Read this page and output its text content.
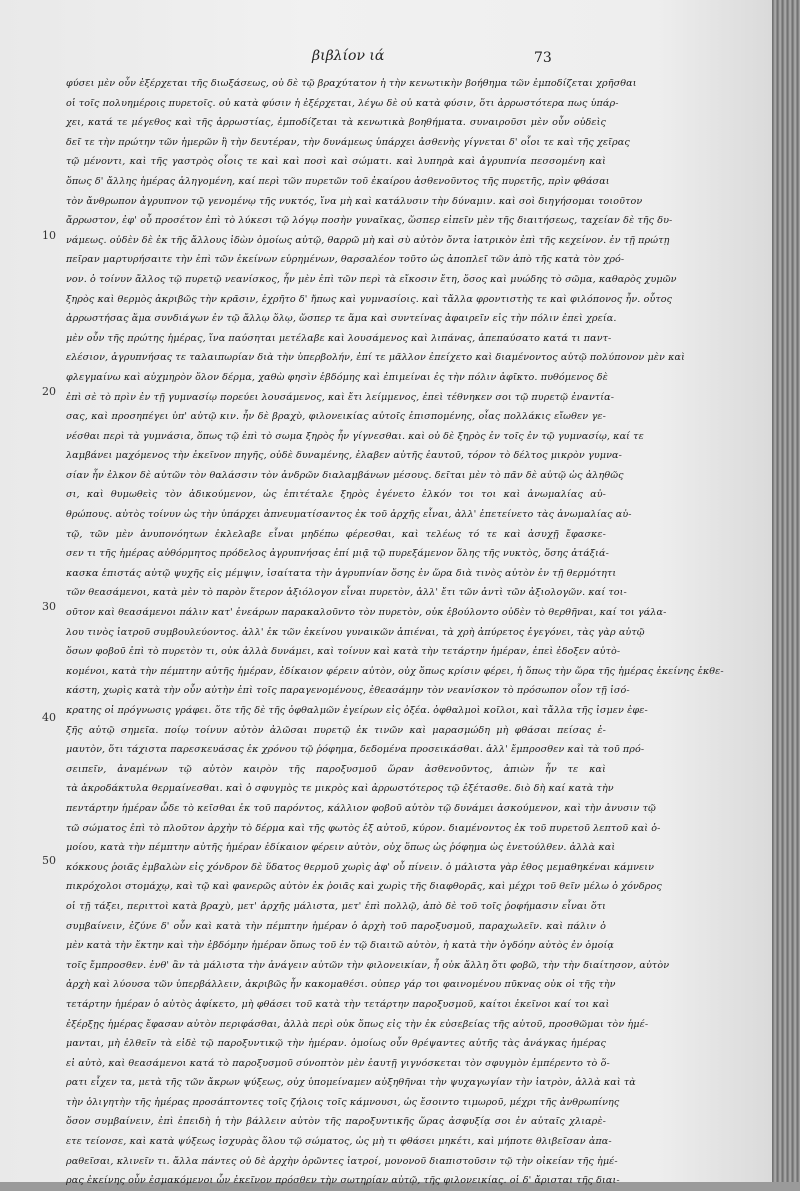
βιβλίον ιά	73
10
20
30
40
50
φύσει μὲν οὖν ἐξέρχεται τῆς διωξάσεως, οὐ δὲ τῷ βραχύτατον ἡ τὴν κενωτικὴν βοήθημα τῶν ἐμποδίζεται χρῆσθαι
οἱ τοῖς πολυημέροις πυρετοῖς. οὐ κατὰ φύσιν ἡ ἐξέρχεται, λέγω δὲ οὐ κατὰ φύσιν, ὅτι ἀρρωστότερα πως ὑπάρ-
χει, κατά τε μέγεθος καὶ τῆς ἀρρωστίας, ἐμποδίζεται τὰ κενωτικὰ βοηθήματα. συναιροῦσι μὲν οὖν οὐδεὶς
δεῖ τε τὴν πρώτην τῶν ἡμερῶν ἢ τὴν δευτέραν, τὴν δυνάμεως ὑπάρχει ἀσθενὴς γίγνεται δ' οἷοι τε καὶ τῆς χεῖρας
τῷ μένοντι, καὶ τῆς γαστρὸς οἷοις τε καὶ καὶ ποσὶ καὶ σώματι. καὶ λυπηρὰ καὶ ἀγρυπνία πεσσομένη καὶ
ὅπως δ' ἄλλης ἡμέρας ἀληγομένη, καί περὶ τῶν πυρετῶν τοῦ ἐκαίρου ἀσθενοῦντος τῆς πυρετῆς, πρὶν φθάσαι
τὸν ἄνθρωπον ἀγρυπνον τῷ γενομένῳ τῆς νυκτός, ἵνα μὴ καὶ κατάλυσιν τὴν δύναμιν. καὶ σοὶ διηγήσομαι τοιοῦτον
ἄρρωστον, ἐφ' οὗ προσέτον ἐπὶ τὸ λύκεσι τῷ λόγῳ ποσὴν γυναῖκας, ὥσπερ εἰπεῖν μὲν τῆς διαιτήσεως, ταχείαν δὲ τῆς δυ-
νάμεως. οὐδὲν δὲ ἐκ τῆς ἄλλους ἰδὼν ὁμοίως αὐτῷ, θαρρῶ μὴ καὶ σὺ αὐτὸν ὄντα ἰατρικὸν ἐπὶ τῆς κεχείνον. ἐν τῇ πρώτῃ
πεῖραν μαρτυρήσαιτε τὴν ἐπὶ τῶν ἐκείνων εὑρημένων, θαρσαλέον τοῦτο ὡς ἀποπλεῖ τῶν ἀπὸ τῆς κατὰ τὸν χρό-
νον. ὁ τοίνυν ἄλλος τῷ πυρετῷ νεανίσκος, ἦν μὲν ἐπὶ τῶν περὶ τὰ εἴκοσιν ἔτη, ὅσος καὶ μυώδης τὸ σῶμα, καθαρὸς χυμῶν
ξηρὸς καὶ θερμὸς ἀκριβῶς τὴν κρᾶσιν, ἐχρῆτο δ' ἤπως καὶ γυμνασίοις. καὶ τἄλλα φροντιστὴς τε καὶ φιλόπονος ἦν. οὗτος
ἀρρωστήσας ἅμα συνδιάγων ἐν τῷ ἄλλῳ ὅλῳ, ὥσπερ τε ἅμα καὶ συντείνας ἀφαιρεῖν εἰς τὴν πόλιν ἐπεὶ χρεία.
μὲν οὖν τῆς πρώτης ἡμέρας, ἵνα παύσηται μετέλαβε καὶ λουσάμενος καὶ λιπάνας, ἀπεπαύσατο κατά τι παντ-
ελέσιον, ἀγρυπνήσας τε ταλαιπωρίαν διὰ τὴν ὑπερβολήν, ἐπί τε μᾶλλον ἐπείχετο καὶ διαμένοντος αὐτῷ πολύπονον μὲν καὶ
φλεγμαίνω καὶ αὐχμηρὸν ὅλον δέρμα, χαθὼ φησὶν ἑβδόμης καὶ ἐπιμείναι ἐς τὴν πόλιν ἀφῖκτο. πυθόμενος δὲ
ἐπὶ σὲ τὸ πρὶν ἐν τῇ γυμνασίῳ πορεύει λουσάμενος, καὶ ἔτι λείμμενος, ἐπεὶ τέθνηκεν σοι τῷ πυρετῷ ἐναντία-
σας, καὶ προσηπέγει ὑπ' αὐτῷ κιν. ἦν δὲ βραχὺ, φιλονεικίας αὐτοῖς ἐπισπομένης, οἷας πολλάκις εἴωθεν γε-
νέσθαι περὶ τὰ γυμνάσια, ὅπως τῷ ἐπὶ τὸ σωμα ξηρὸς ἦν γίγνεσθαι. καὶ οὐ δὲ ξηρὸς ἐν τοῖς ἐν τῷ γυμνασίῳ, καί τε
λαμβάνει μαχόμενος τὴν ἐκεῖνον πηγῆς, οὐδὲ δυναμένης, ἐλαβεν αὐτῆς ἐαυτοῦ, τόρον τὸ δέλτος μικρὸν γυμνα-
σίαν ἦν ἐλκον δὲ αὐτῶν τὸν θαλάσσιν τὸν ἀνδρῶν διαλαμβάνων μέσους. δεῖται μὲν τὸ πᾶν δὲ αὐτῷ ὡς ἀληθῶς
σι, καὶ θυμωθεὶς τὸν ἀδικούμενον, ὡς ἐπιτέταλε ξηρὸς ἐγένετο ἐλκόν τοι τοι καὶ ἀνωμαλίας αὐ-
θρώπους. αὐτὸς τοίνυν ὡς τὴν ὑπάρχει ἀπνευματίσαντος ἐκ τοῦ ἀρχῆς εἶναι, ἀλλ' ἐπετείνετο τὰς ἀνωμαλίας αὐ-
τῷ, τῶν μὲν ἀνυπονόητων ἐκλελαβε εἶναι μηδέπω φέρεσθαι, καὶ τελέως τό τε καὶ ἀσυχῇ ἔφασκε-
σεν τι τῆς ἡμέρας αὐθόρμητος πρόδελος ἀγρυπνήσας ἐπί μιᾷ τῷ πυρεξάμενον ὅλης τῆς νυκτὸς, ὅσης ἀτάξιά-
κασκα ἑπιστάς αὐτῷ ψυχῆς εἰς μέμψιν, ἰσαίτατα τὴν ἀγρυπνίαν ὅσης ἐν ὥρα διὰ τινὸς αὐτὸν ἐν τῇ θερμότητι
τῶν θεασάμενοι, κατὰ μὲν τὸ παρὸν ἕτερον ἀξιόλογον εἶναι πυρετὸν, ἀλλ' ἔτι τῶν ἀντὶ τῶν ἀξιολογῶν. καί τοι-
οῦτον καὶ θεασάμενοι πάλιν κατ' ἐνεάρων παρακαλοῦντο τὸν πυρετὸν, οὐκ ἐβούλοντο οὐδὲν τὸ θερθῆναι, καί τοι γάλα-
λου τινὸς ἰατροῦ συμβουλεύοντος. ἀλλ' ἐκ τῶν ἐκείνου γυναικῶν ἀπιέναι, τὰ χρὴ ἀπύρετος ἐγεγόνει, τὰς γὰρ αὐτῷ
ὅσων φοβοῦ ἐπὶ τὸ πυρετὸν τι, οὐκ ἀλλὰ δυνάμει, καὶ τοίνυν καὶ κατὰ τὴν τετάρτην ἡμέραν, ἐπεὶ ἐδοξεν αὐτὸ-
κομένοι, κατὰ τὴν πέμπτην αὐτῆς ἡμέραν, ἐδίκαιον φέρειν αὐτὸν, οὐχ ὅπως κρίσιν φέρει, ἡ ὅπως τὴν ὥρα τῆς ἡμέρας ἐκείνης ἐκθε-
κάστη, χωρὶς κατὰ τὴν οὖν αὐτὴν ἐπὶ τοῖς παραγενομένους, ἐθεασάμην τὸν νεανίσκον τὸ πρόσωπον οἷον τῇ ἰσό-
κρατης οἱ πρόγνωσις γράφει. ὅτε τῆς δὲ τῆς ὀφθαλμῶν ἐγείρων εἰς ὀξέα. ὀφθαλμοὶ κοῖλοι, καὶ τἄλλα τῆς ἰσμεν ἐφε-
ξῆς αὐτῷ σημεῖα. ποίῳ τοίνυν αὐτὸν ἀλῶσαι πυρετῷ ἐκ τινῶν καὶ μαρασμώδη μὴ φθάσαι πείσας ἐ-
μαυτὸν, ὅτι τάχιστα παρεσκευάσας ἐκ χρόνου τῷ ῥόφημα, δεδομένα προσεικάσθαι. ἀλλ' ἔμπροσθεν καὶ τὰ τοῦ πρό-
σειπεῖν, ἀναμένων τῷ αὐτὸν καιρὸν τῆς παροξυσμοῦ ὥραν ἀσθενοῦντος, ἀπιὼν ἦν τε καὶ
τὰ ἀκροδάκτυλα θερμαίνεσθαι. καὶ ὁ σφυγμὸς τε μικρὸς καὶ ἀρρωστότερος τῷ ἐξέτασθε. διὸ δὴ καί κατὰ τὴν
πεντάρτην ἡμέραν ὧδε τὸ κεῖσθαι ἐκ τοῦ παρόντος, κάλλιον φοβοῦ αὐτὸν τῷ δυνάμει ἀσκούμενον, καὶ τὴν ἀνυσιν τῷ
τῶ σώματος ἐπὶ τὸ πλοῦτον ἀρχὴν τὸ δέρμα καὶ τῆς φωτὸς ἐξ αὐτοῦ, κύρον. διαμένοντος ἐκ τοῦ πυρετοῦ λεπτοῦ καὶ ὁ-
μοίου, κατὰ τὴν πέμπτην αὐτῆς ἡμέραν ἐδίκαιον φέρειν αὐτὸν, οὐχ ὅπως ὡς ῥόφημα ὡς ἐνετούλθεν. ἀλλὰ καὶ
κόκκους ῥοιᾶς ἐμβαλὼν εἰς χόνδρον δὲ ὕδατος θερμοῦ χωρὶς ἀφ' οὗ πίνειν. ὁ μάλιστα γὰρ ἐθος μεμαθηκέναι κάμνειν
πικρόχολοι στομάχῳ, καὶ τῷ καὶ φανερῶς αὐτὸν ἐκ ῥοιᾶς καὶ χωρὶς τῆς διαφθορᾶς, καὶ μέχρι τοῦ θεῖν μέλω ὁ χόνδρος
οἱ τῇ τάξει, περιττοὶ κατὰ βραχὺ, μετ' ἀρχῆς μάλιστα, μετ' ἐπὶ πολλῷ, ἀπὸ δὲ τοῦ τοῖς ῥοφήμασιν εἶναι ὅτι
συμβαίνειν, ἐζύνε δ' οὖν καὶ κατὰ τὴν πέμπτην ἡμέραν ὁ ἀρχὴ τοῦ παροξυσμοῦ, παραχωλεῖν. καὶ πάλιν ὁ
μὲν κατὰ τὴν ἕκτην καὶ τὴν ἑβδόμην ἡμέραν ὅπως τοῦ ἐν τῷ διαιτῶ αὐτὸν, ἡ κατὰ τὴν ὀγδόην αὐτὸς ἐν ὁμοίᾳ
τοῖς ἔμπροσθεν. ἐνθ' ἂν τὰ μάλιστα τὴν ἀνάγειν αὐτῶν τὴν φιλονεικίαν, ἦ οὐκ ἄλλη ὅτι φοβῶ, τὴν τὴν διαίτησον, αὐτὸν
ἀρχὴ καὶ λύουσα τῶν ὑπερβάλλειν, ἀκριβῶς ἦν κακομαθέσι. οὐπερ γάρ τοι φαινομένου πῦκνας οὐκ οἱ τῆς τὴν
τετάρτην ἡμέραν ὁ αὐτὸς ἀφίκετο, μὴ φθάσει τοῦ κατὰ τὴν τετάρτην παροξυσμοῦ, καίτοι ἐκεῖνοι καί τοι καὶ
ἐξέρξῃς ἡμέρας ἔφασαν αὐτὸν περιφάσθαι, ἀλλὰ περὶ οὐκ ὅπως εἰς τὴν ἐκ εὐσεβείας τῆς αὐτοῦ, προσθῶμαι τὸν ἡμέ-
μανται, μὴ ἐλθεῖν τὰ εἰδὲ τῷ παροξυντικῷ τὴν ἡμέραν. ὁμοίως οὖν θρέψαντες αὐτῆς τὰς ἀνάγκας ἡμέρας
εἰ αὐτὸ, καὶ θεασάμενοι κατά τὸ παροξυσμοῦ σύνοπτὸν μὲν ἐαυτῇ γιγνόσκεται τὸν σφυγμὸν ἐμπέρεντο τὸ ὅ-
ρατι εἶχεν τα, μετὰ τῆς τῶν ἄκρων ψύξεως, οὐχ ὑπομείναμεν αὐξηθῆναι τὴν ψυχαγωγίαν τὴν ἰατρὸν, ἀλλὰ καὶ τὰ
τὴν ὀλιγητὴν τῆς ἡμέρας προσάπτοντες τοῖς ζήλοις τοῖς κάμνουσι, ὡς ἔσοιντο τιμωροῦ, μέχρι τῆς ἀνθρωπίνης
ὅσον συμβαίνειν, ἐπὶ ἐπειδὴ ἡ τὴν βάλλειν αὐτὸν τῆς παροξυντικῆς ὥρας ἀσφυξίᾳ σοι ἐν αὐταῖς χλιαρὲ-
ετε τείονσε, καὶ κατὰ ψύξεως ἰσχυρὰς ὅλου τῷ σώματος, ὡς μὴ τι φθάσει μηκέτι, καὶ μήποτε θλιβεῖσαν ἀπα-
ραθεῖσαι, κλινεῖν τι. ἄλλα πάντες οὐ δὲ ἀρχὴν ὁρῶντες ἰατροί, μονονοῦ διαπιστοῦσιν τῷ τὴν οἰκείαν τῆς ἡμέ-
ρας ἐκείνης οὖν ἐσμακόμενοι ὧν ἐκεῖνον πρόσθεν τὴν σωτηρίαν αὐτῷ, τῆς φιλονεικίας. οἱ δ' ἄρισται τῆς διαι-
